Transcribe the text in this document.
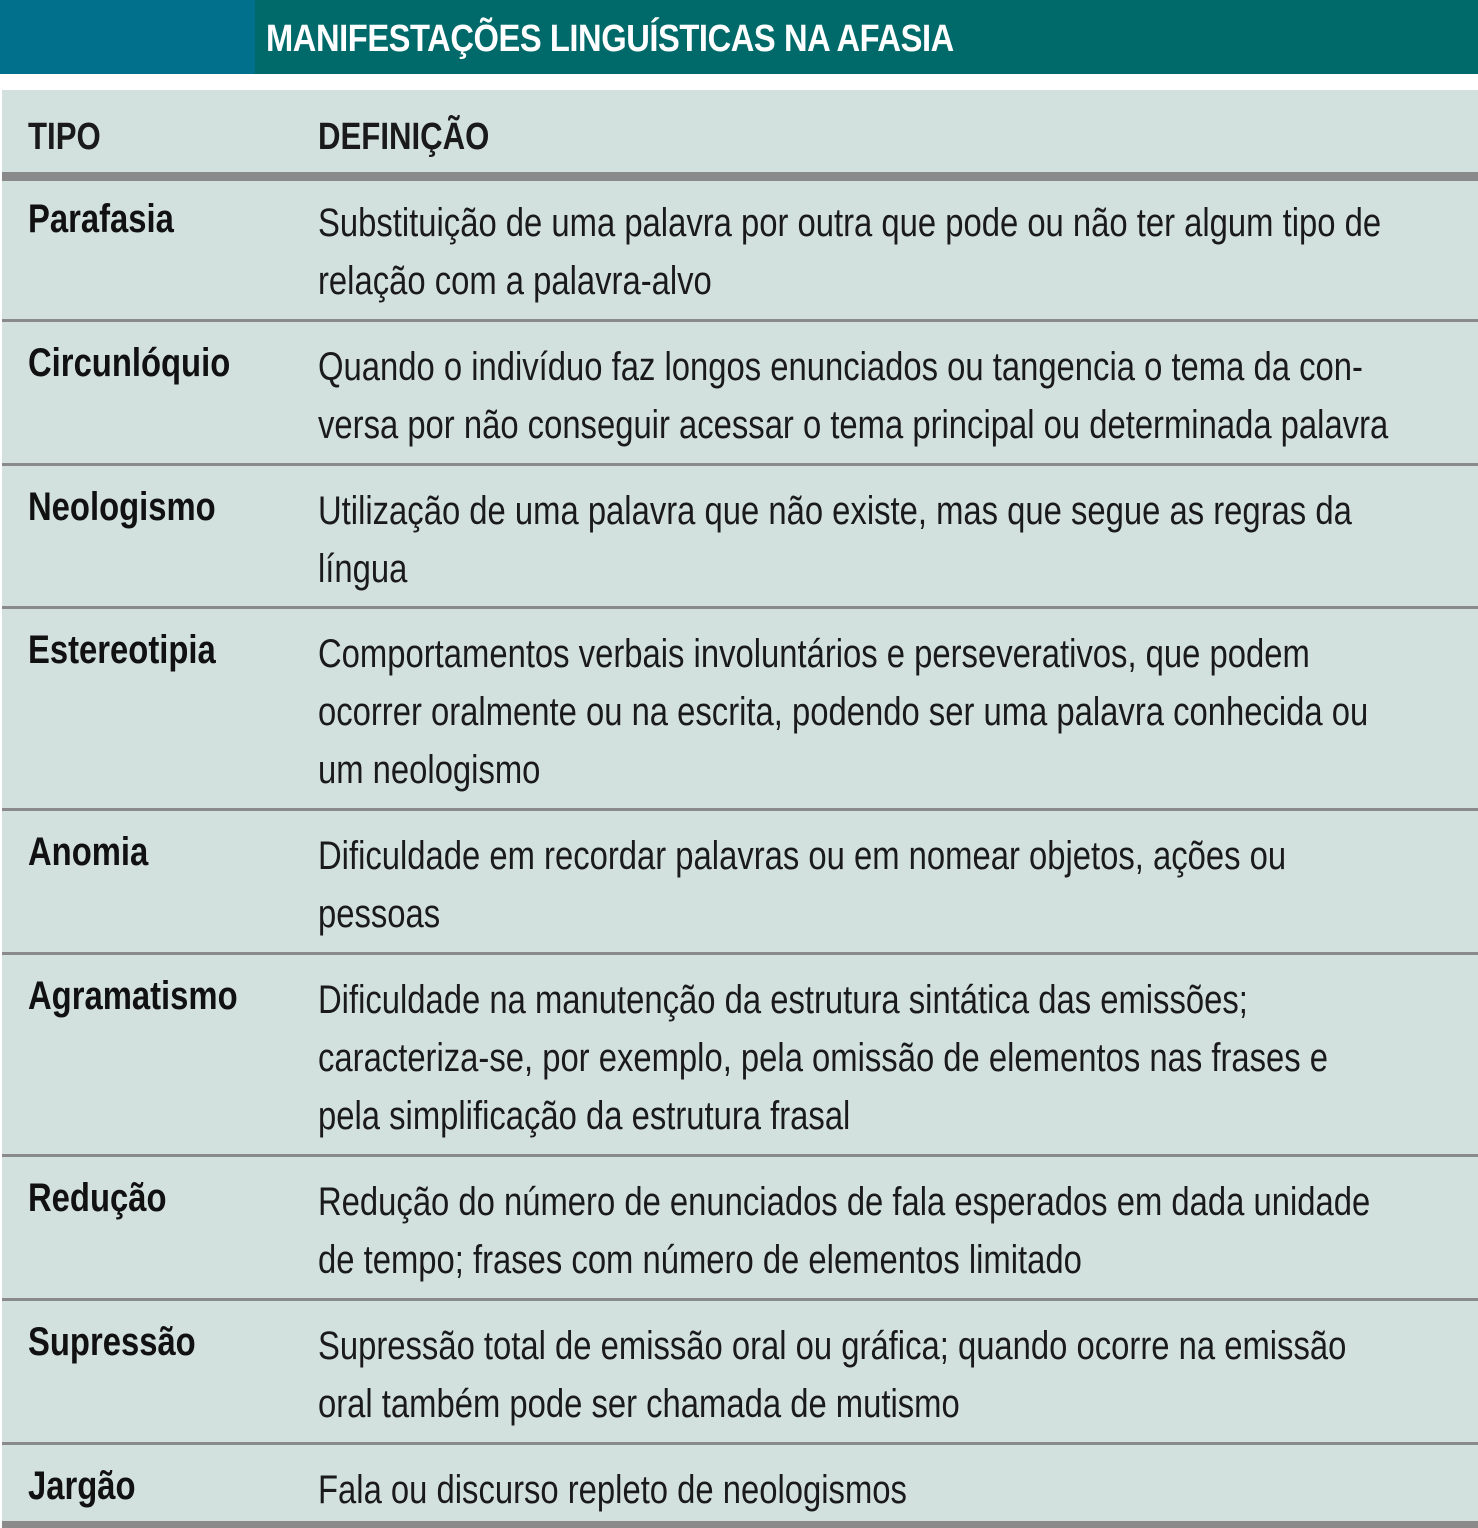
MANIFESTAÇÕES LINGUÍSTICAS NA AFASIA
TIPO	DEFINIÇÃO
Parafasia	Substituição de uma palavra por outra que pode ou não ter algum tipo de
relação com a palavra-alvo
Circunlóquio Quando o indivíduo faz longos enunciados ou tangencia o tema da con-
versa por não conseguir acessar o tema principal ou determinada palavra
Neologismo	Utilização de uma palavra que não existe, mas que segue as regras da
língua
Estereotipia	Comportamentos verbais involuntários e perseverativos, que podem
ocorrer oralmente ou na escrita, podendo ser uma palavra conhecida ou
um neologismo
Anomia	Dificuldade em recordar palavras ou em nomear objetos, ações ou
pessoas
Agramatismo Dificuldade na manutenção da estrutura sintática das emissões;
caracteriza-se, por exemplo, pela omissão de elementos nas frases e
pela simplificação da estrutura frasal
Redução	Redução do número de enunciados de fala esperados em dada unidade
de tempo; frases com número de elementos limitado
Supressão	Supressão total de emissão oral ou gráfica; quando ocorre na emissão
oral também pode ser chamada de mutismo
Jargão	Fala ou discurso repleto de neologismos
